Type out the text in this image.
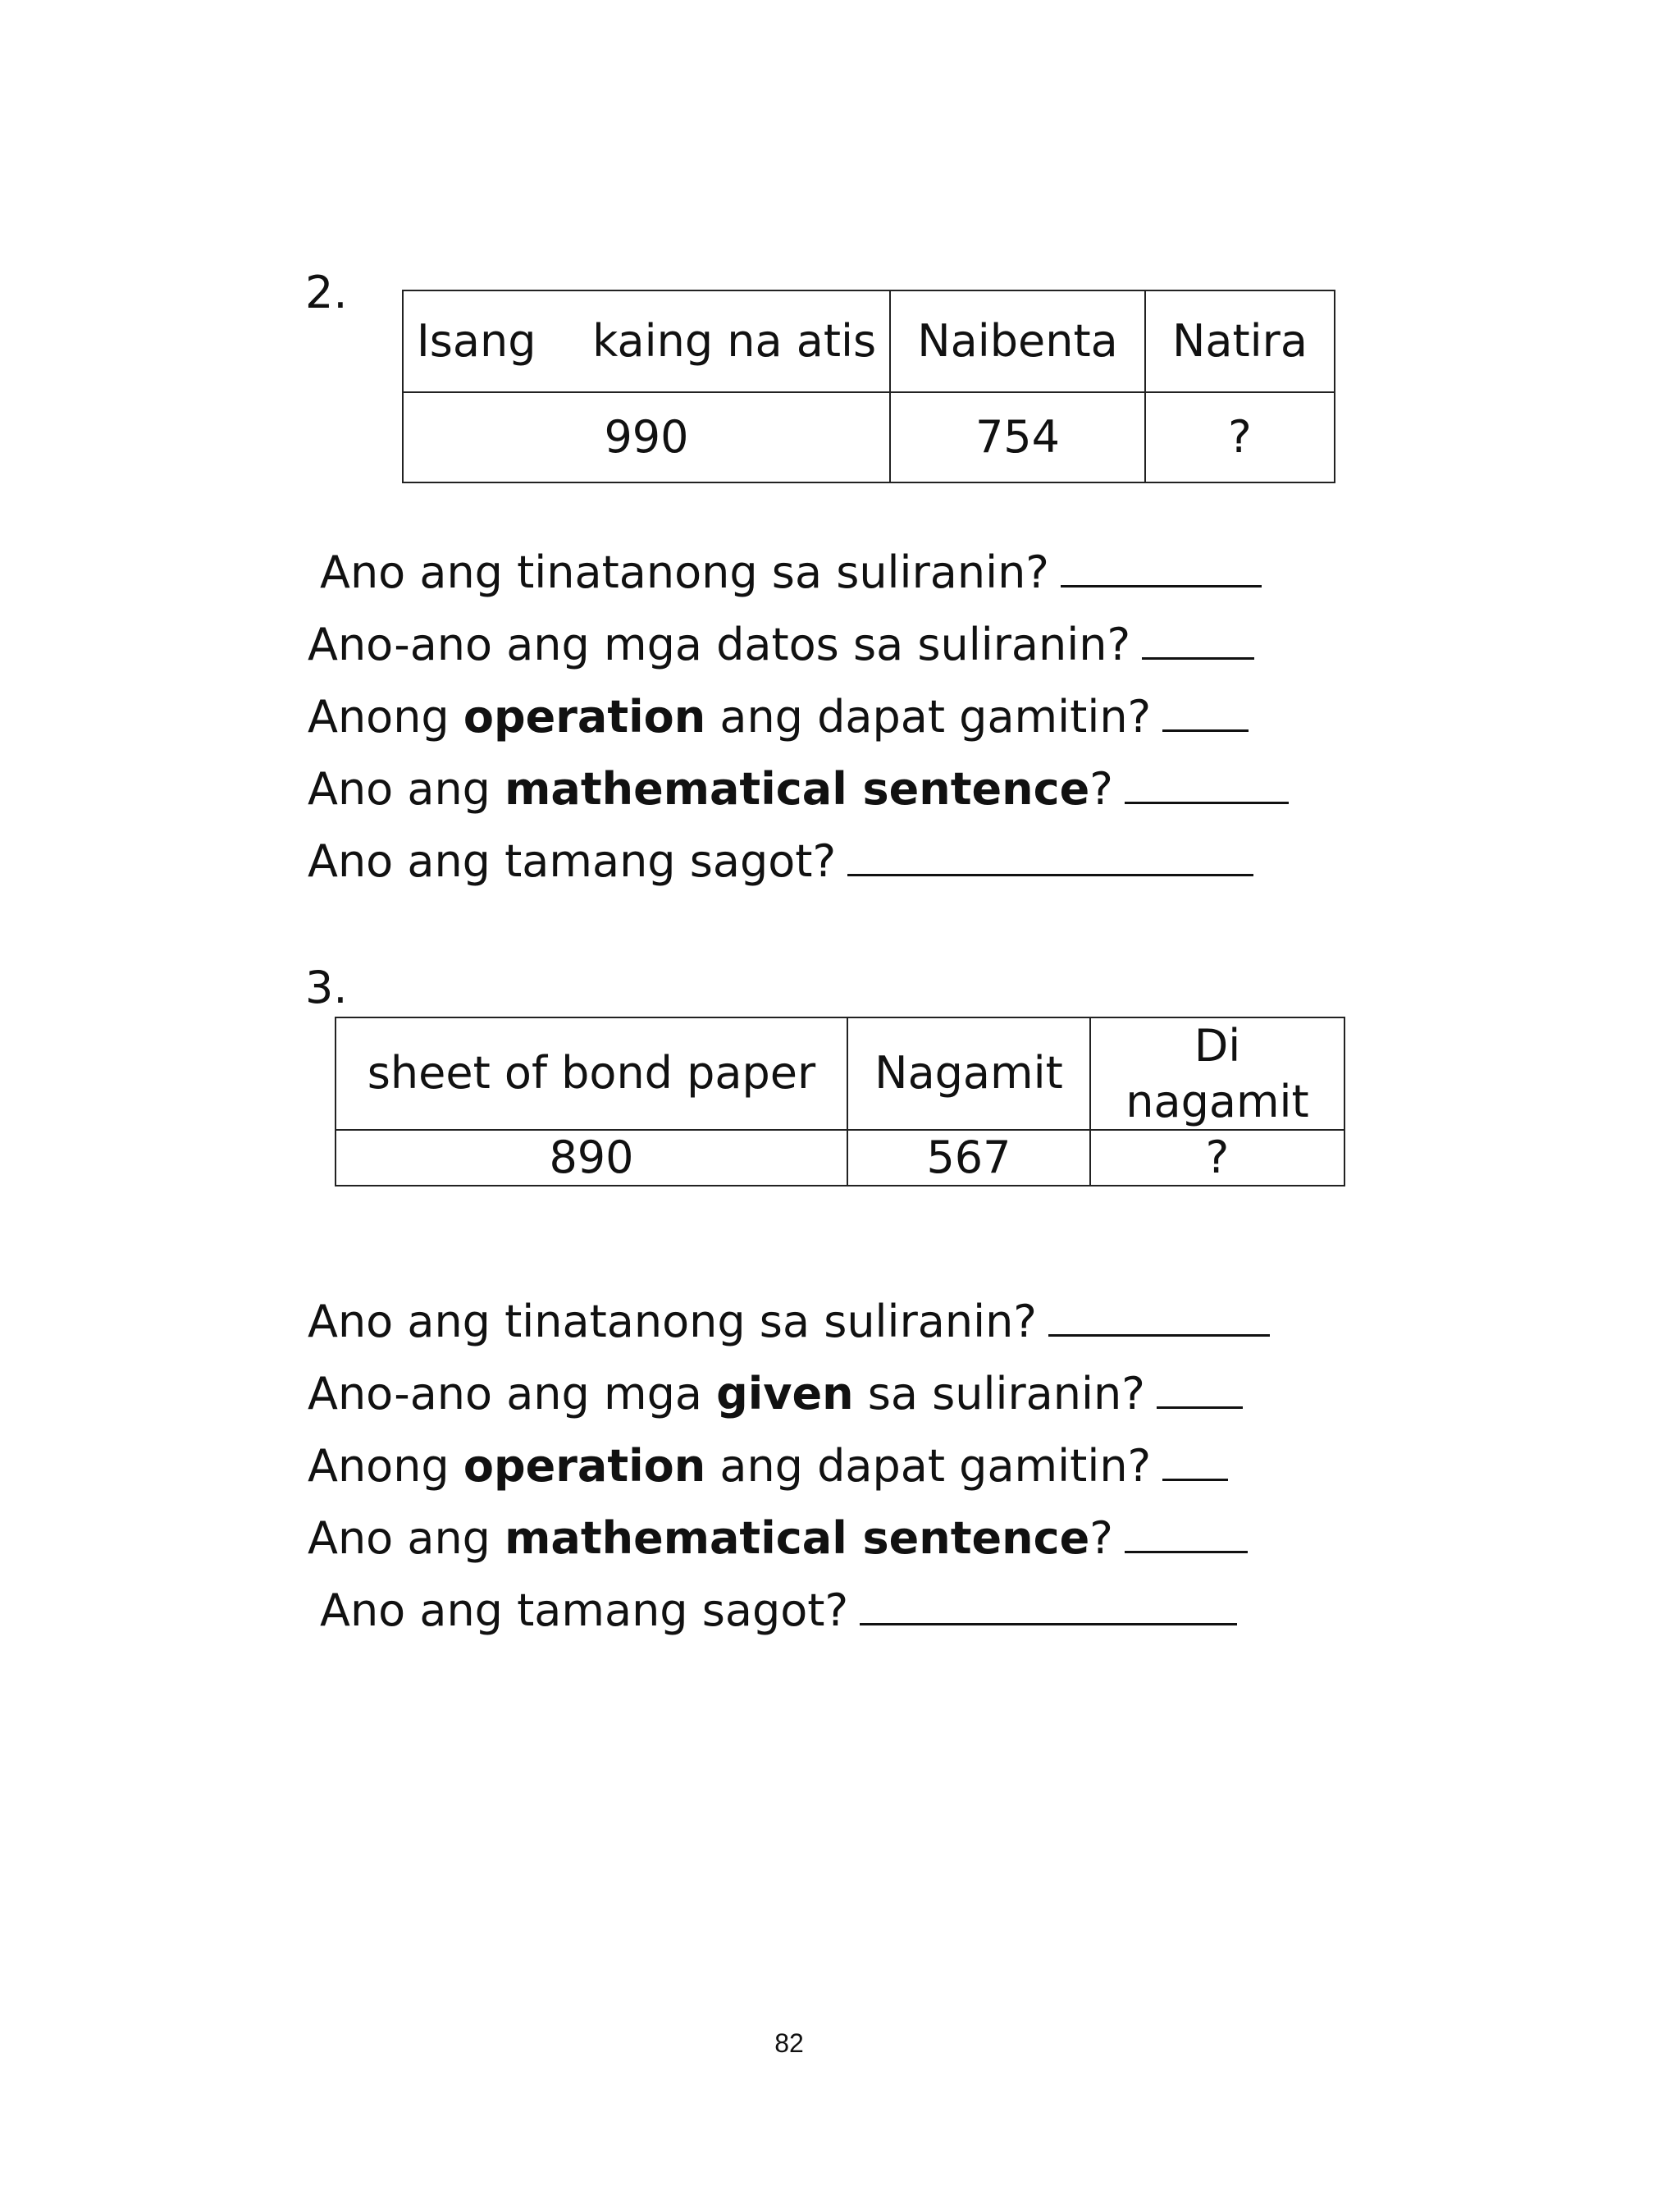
2.
Isang    kaing na atis	Naibenta	Natira
990	754	?
Ano ang tinatanong sa suliranin?
Ano-ano ang mga datos sa suliranin?
Anong operation ang dapat gamitin?
Ano ang mathematical sentence?
Ano ang tamang sagot?
3.
sheet of bond paper	Nagamit	Di nagamit
890	567	?
Ano ang tinatanong sa suliranin?
Ano-ano ang mga given sa suliranin?
Anong operation ang dapat gamitin?
Ano ang mathematical sentence?
Ano ang tamang sagot?
82
